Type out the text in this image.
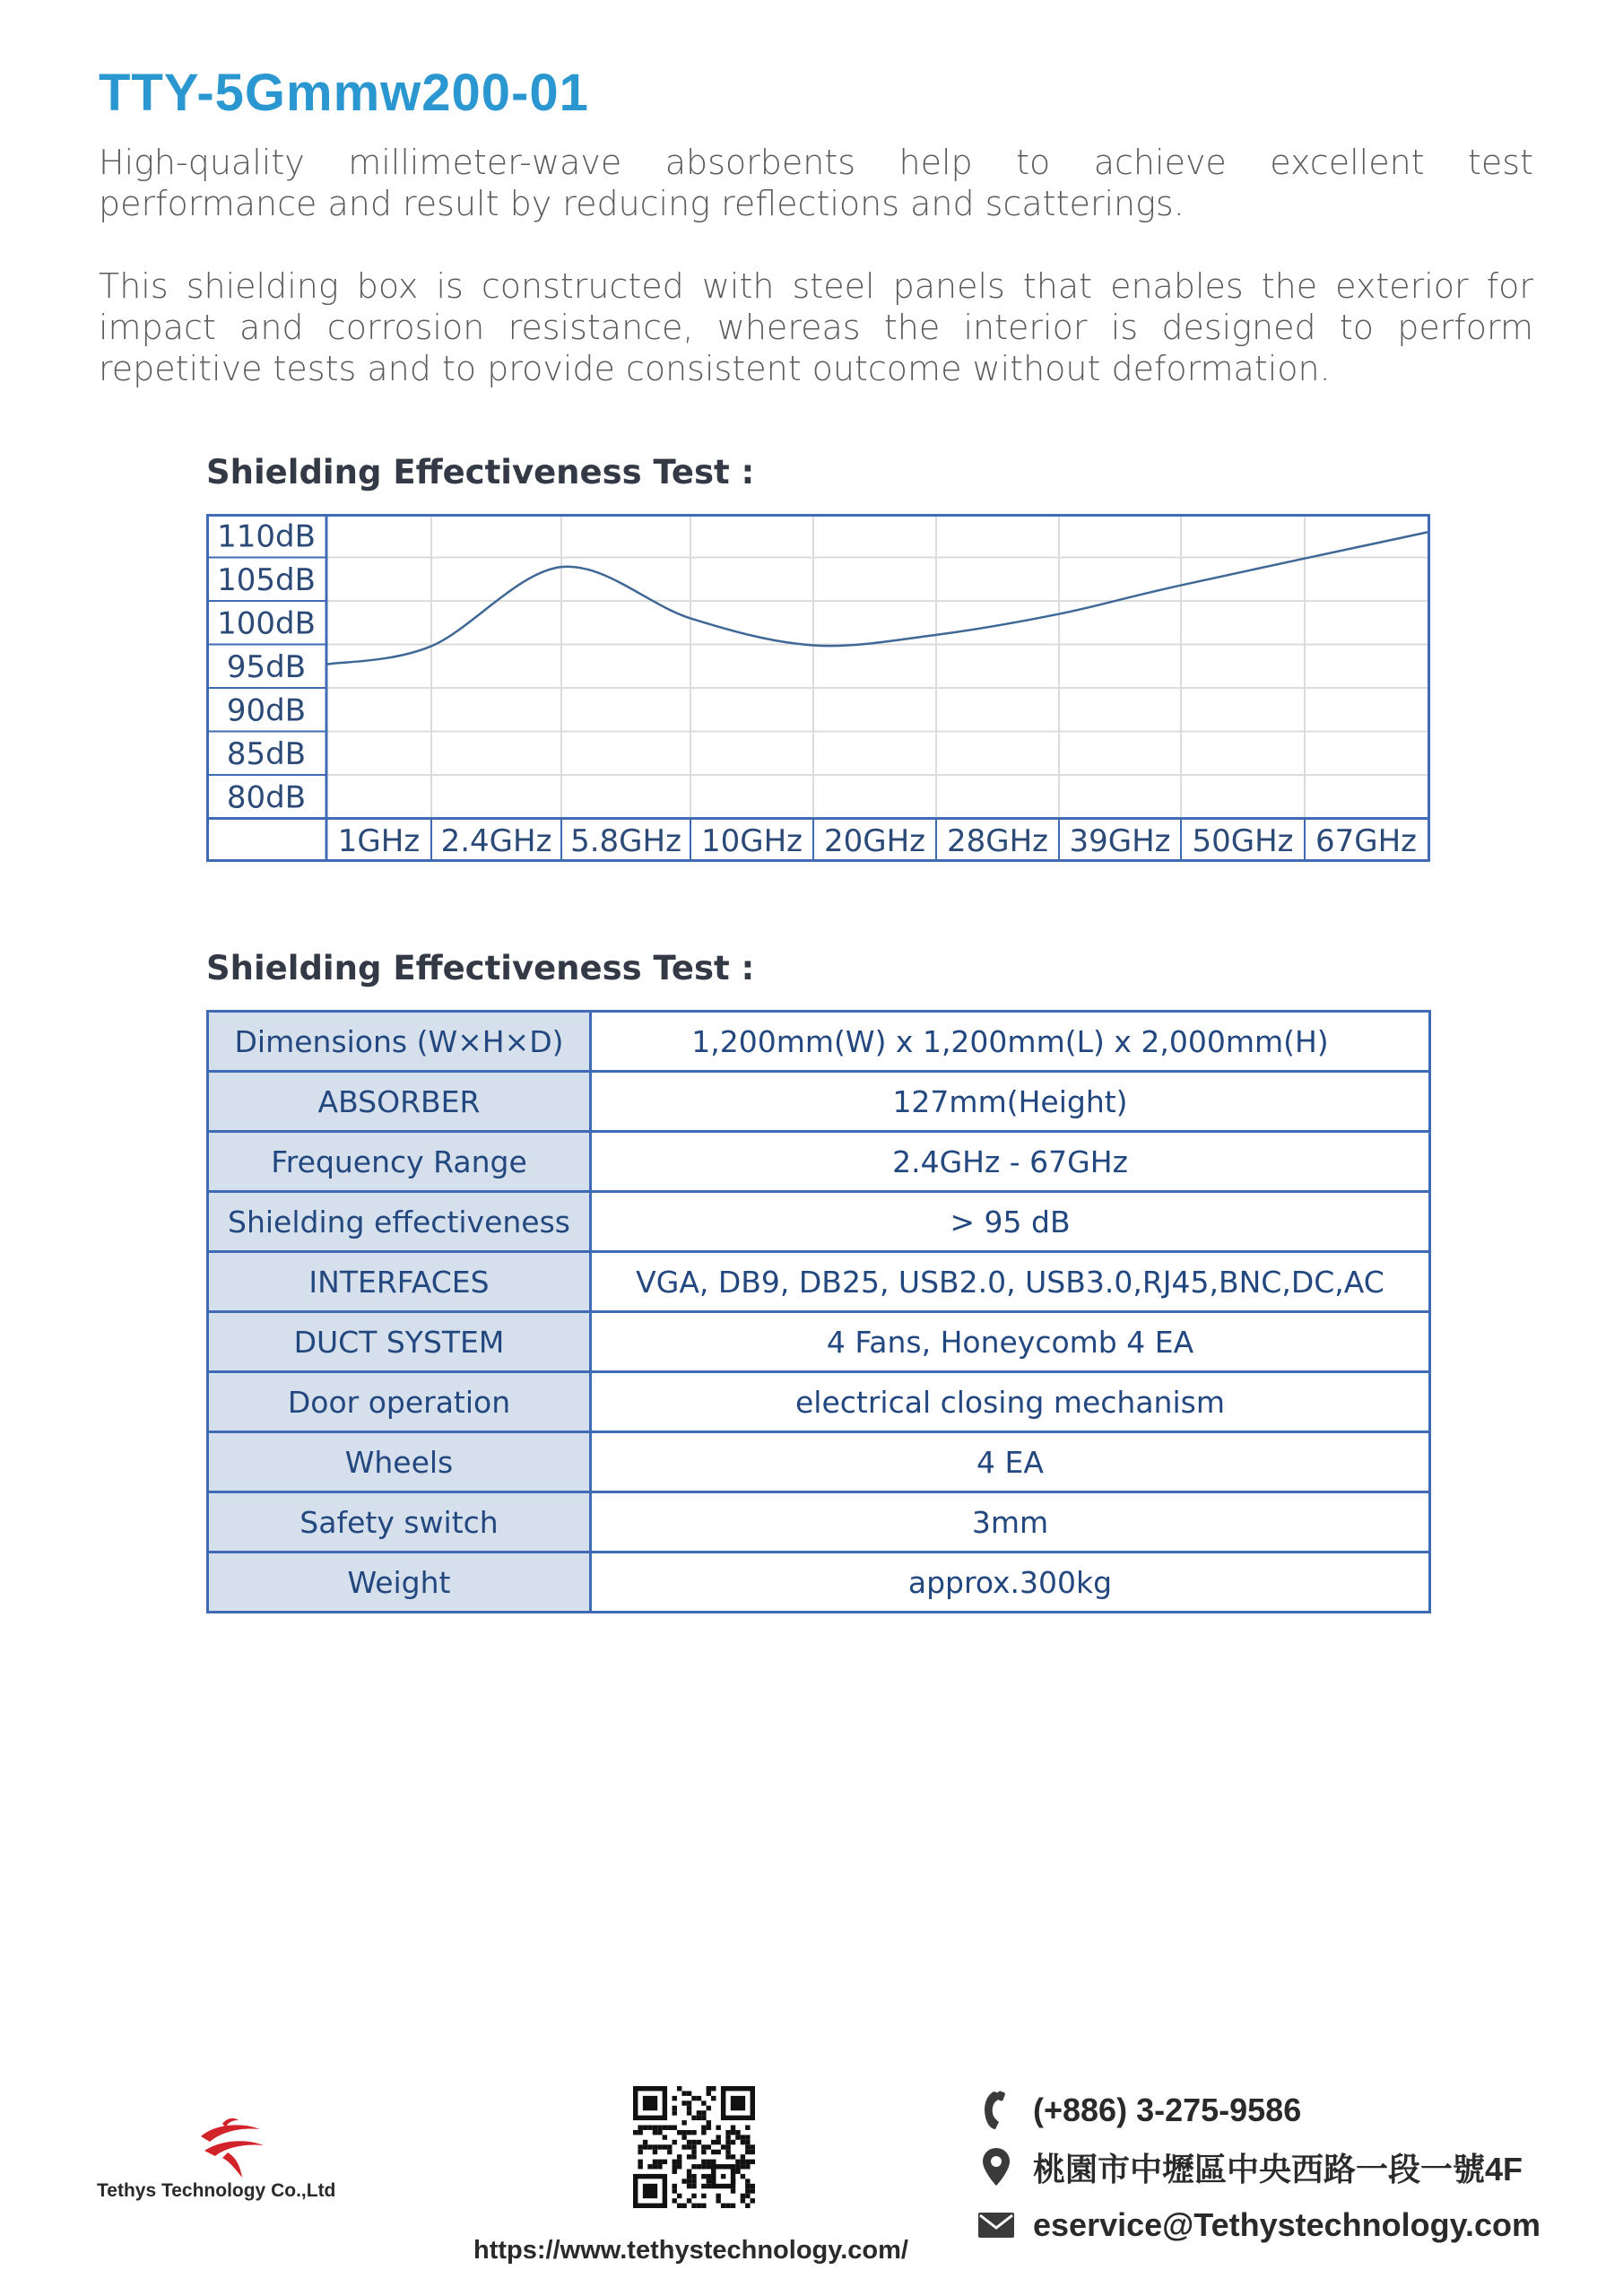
TTY-5Gmmw200-01

High-quality millimeter-wave absorbents help to achieve excellent test performance and result by reducing reflections and scatterings.

This shielding box is constructed with steel panels that enables the exterior for impact and corrosion resistance, whereas the interior is designed to perform repetitive tests and to provide consistent outcome without deformation.

Shielding Effectiveness Test :
110dB
105dB
100dB
95dB
90dB
85dB
80dB
1GHz 2.4GHz 5.8GHz 10GHz 20GHz 28GHz 39GHz 50GHz 67GHz
Shielding Effectiveness Test :
Dimensions (W×H×D)	1,200mm(W) x 1,200mm(L) x 2,000mm(H)
ABSORBER	127mm(Height)
Frequency Range	2.4GHz - 67GHz
Shielding effectiveness	> 95 dB
INTERFACES	VGA, DB9, DB25, USB2.0, USB3.0,RJ45,BNC,DC,AC
DUCT SYSTEM	4 Fans, Honeycomb 4 EA
Door operation	electrical closing mechanism
Wheels	4 EA
Safety switch	3mm
Weight	approx.300kg

Tethys Technology Co.,Ltd

https://www.tethystechnology.com/

(+886) 3-275-9586
桃園市中壢區中央西路一段一號4F
eservice@Tethystechnology.com
